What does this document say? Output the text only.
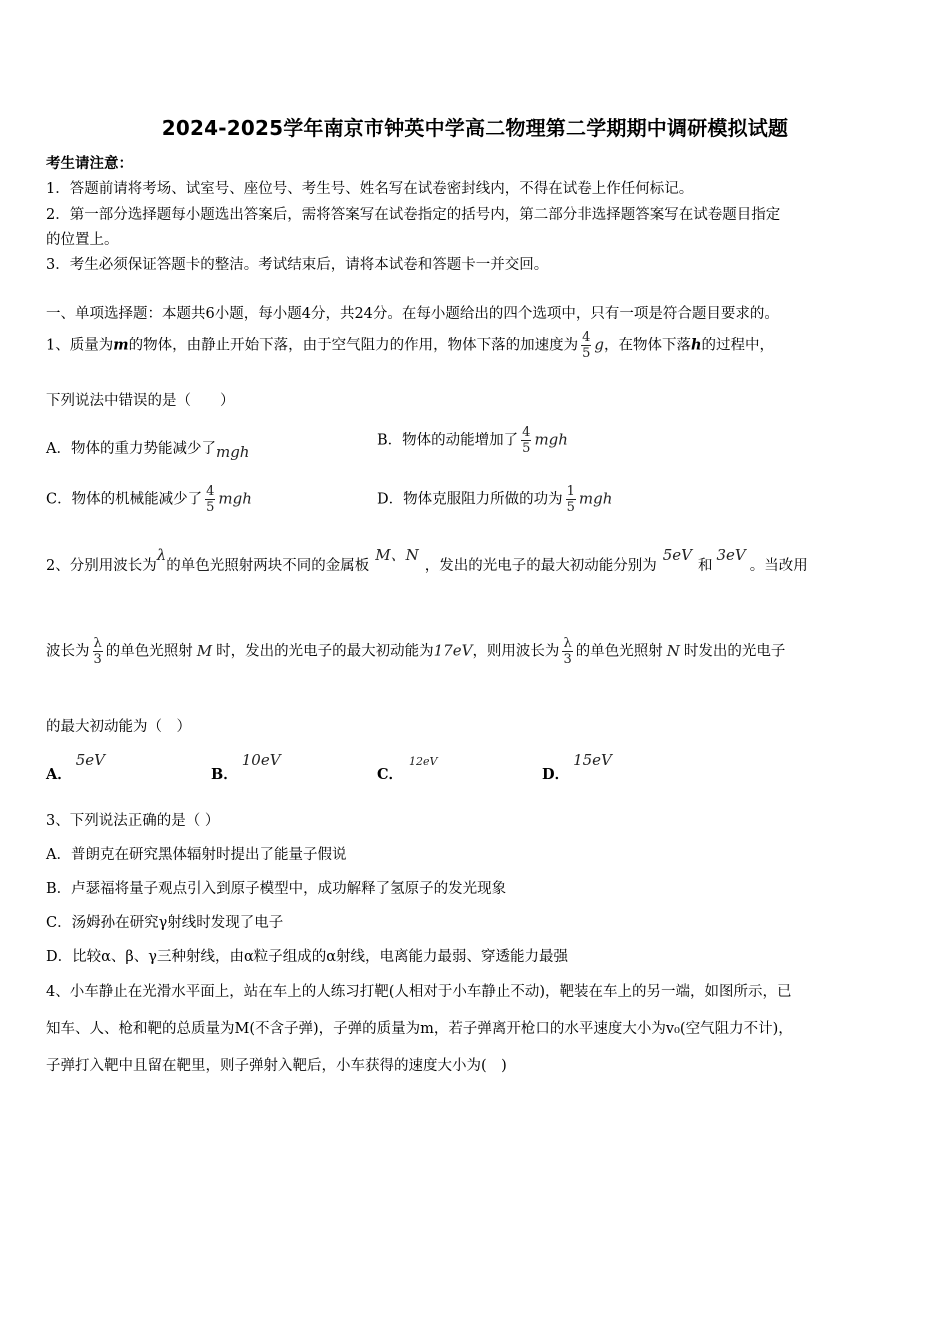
2024-2025学年南京市钟英中学高二物理第二学期期中调研模拟试题
考生请注意：
1．答题前请将考场、试室号、座位号、考生号、姓名写在试卷密封线内，不得在试卷上作任何标记。
2．第一部分选择题每小题选出答案后，需将答案写在试卷指定的括号内，第二部分非选择题答案写在试卷题目指定
的位置上。
3．考生必须保证答题卡的整洁。考试结束后，请将本试卷和答题卡一并交回。
一、单项选择题：本题共6小题，每小题4分，共24分。在每小题给出的四个选项中，只有一项是符合题目要求的。
1、质量为m的物体，由静止开始下落，由于空气阻力的作用，物体下落的加速度为 $\frac{4}{5}$ g，在物体下落h的过程中，
下列说法中错误的是（　　）
A．物体的重力势能减少了mgh
B．物体的动能增加了 $\frac{4}{5}$ mgh
C．物体的机械能减少了 $\frac{4}{5}$ mgh	D．物体克服阻力所做的功为 $\frac{1}{5}$ mgh
2、分别用波长为λ的单色光照射两块不同的金属板M、N，发出的光电子的最大初动能分别为5eV和3eV。当改用
波长为 $\frac{\lambda}{3}$ 的单色光照射 M 时，发出的光电子的最大初动能为17eV，则用波长为 $\frac{\lambda}{3}$ 的单色光照射 N 时发出的光电子
的最大初动能为（　）
A．5eV
B．10eV
C．12eV
D．15eV
3、下列说法正确的是（ ）
A．普朗克在研究黑体辐射时提出了能量子假说
B．卢瑟福将量子观点引入到原子模型中，成功解释了氢原子的发光现象
C．汤姆孙在研究γ射线时发现了电子
D．比较α、β、γ三种射线，由α粒子组成的α射线，电离能力最弱、穿透能力最强
4、小车静止在光滑水平面上，站在车上的人练习打靶(人相对于小车静止不动)，靶装在车上的另一端，如图所示，已
知车、人、枪和靶的总质量为M(不含子弹)，子弹的质量为m，若子弹离开枪口的水平速度大小为v₀(空气阻力不计)，
子弹打入靶中且留在靶里，则子弹射入靶后，小车获得的速度大小为(　)
